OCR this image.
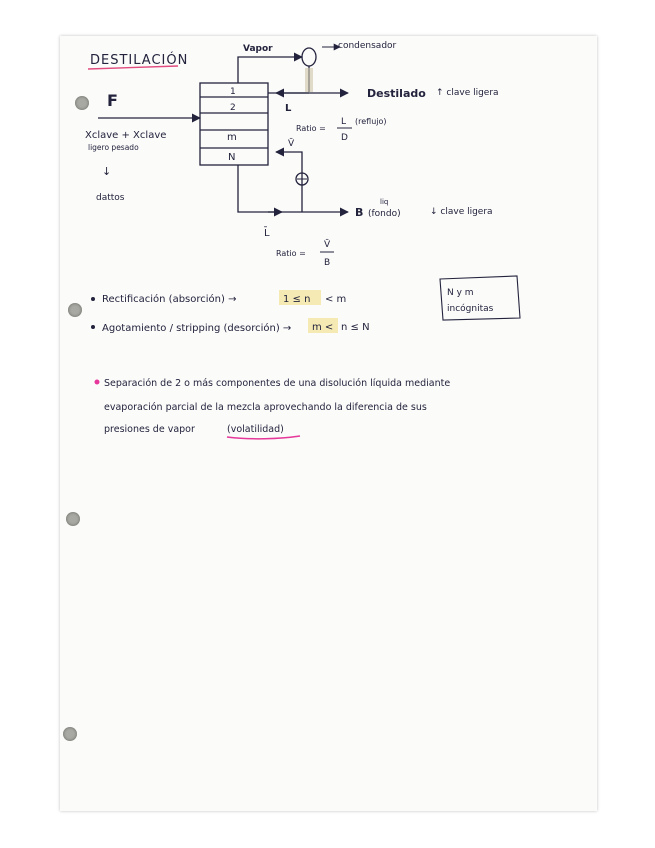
DESTILACIÓN
1
2
m
N
Vapor	condensador
L
Destilado ↑ clave ligera
Ratio =
L
D
(reflujo)
F
Xclave + Xclave
ligero pesado
↓
dattos
V̄
B
liq
(fondo)	↓ clave ligera
L̄
Ratio =
V̄
B
Rectificación (absorción) →	1 ≤ n < m
Agotamiento / stripping (desorción) → m < n ≤ N
N y m
incógnitas
Separación de 2 o más componentes de una disolución líquida mediante
evaporación parcial de la mezcla aprovechando la diferencia de sus
presiones de vapor	(volatilidad)
